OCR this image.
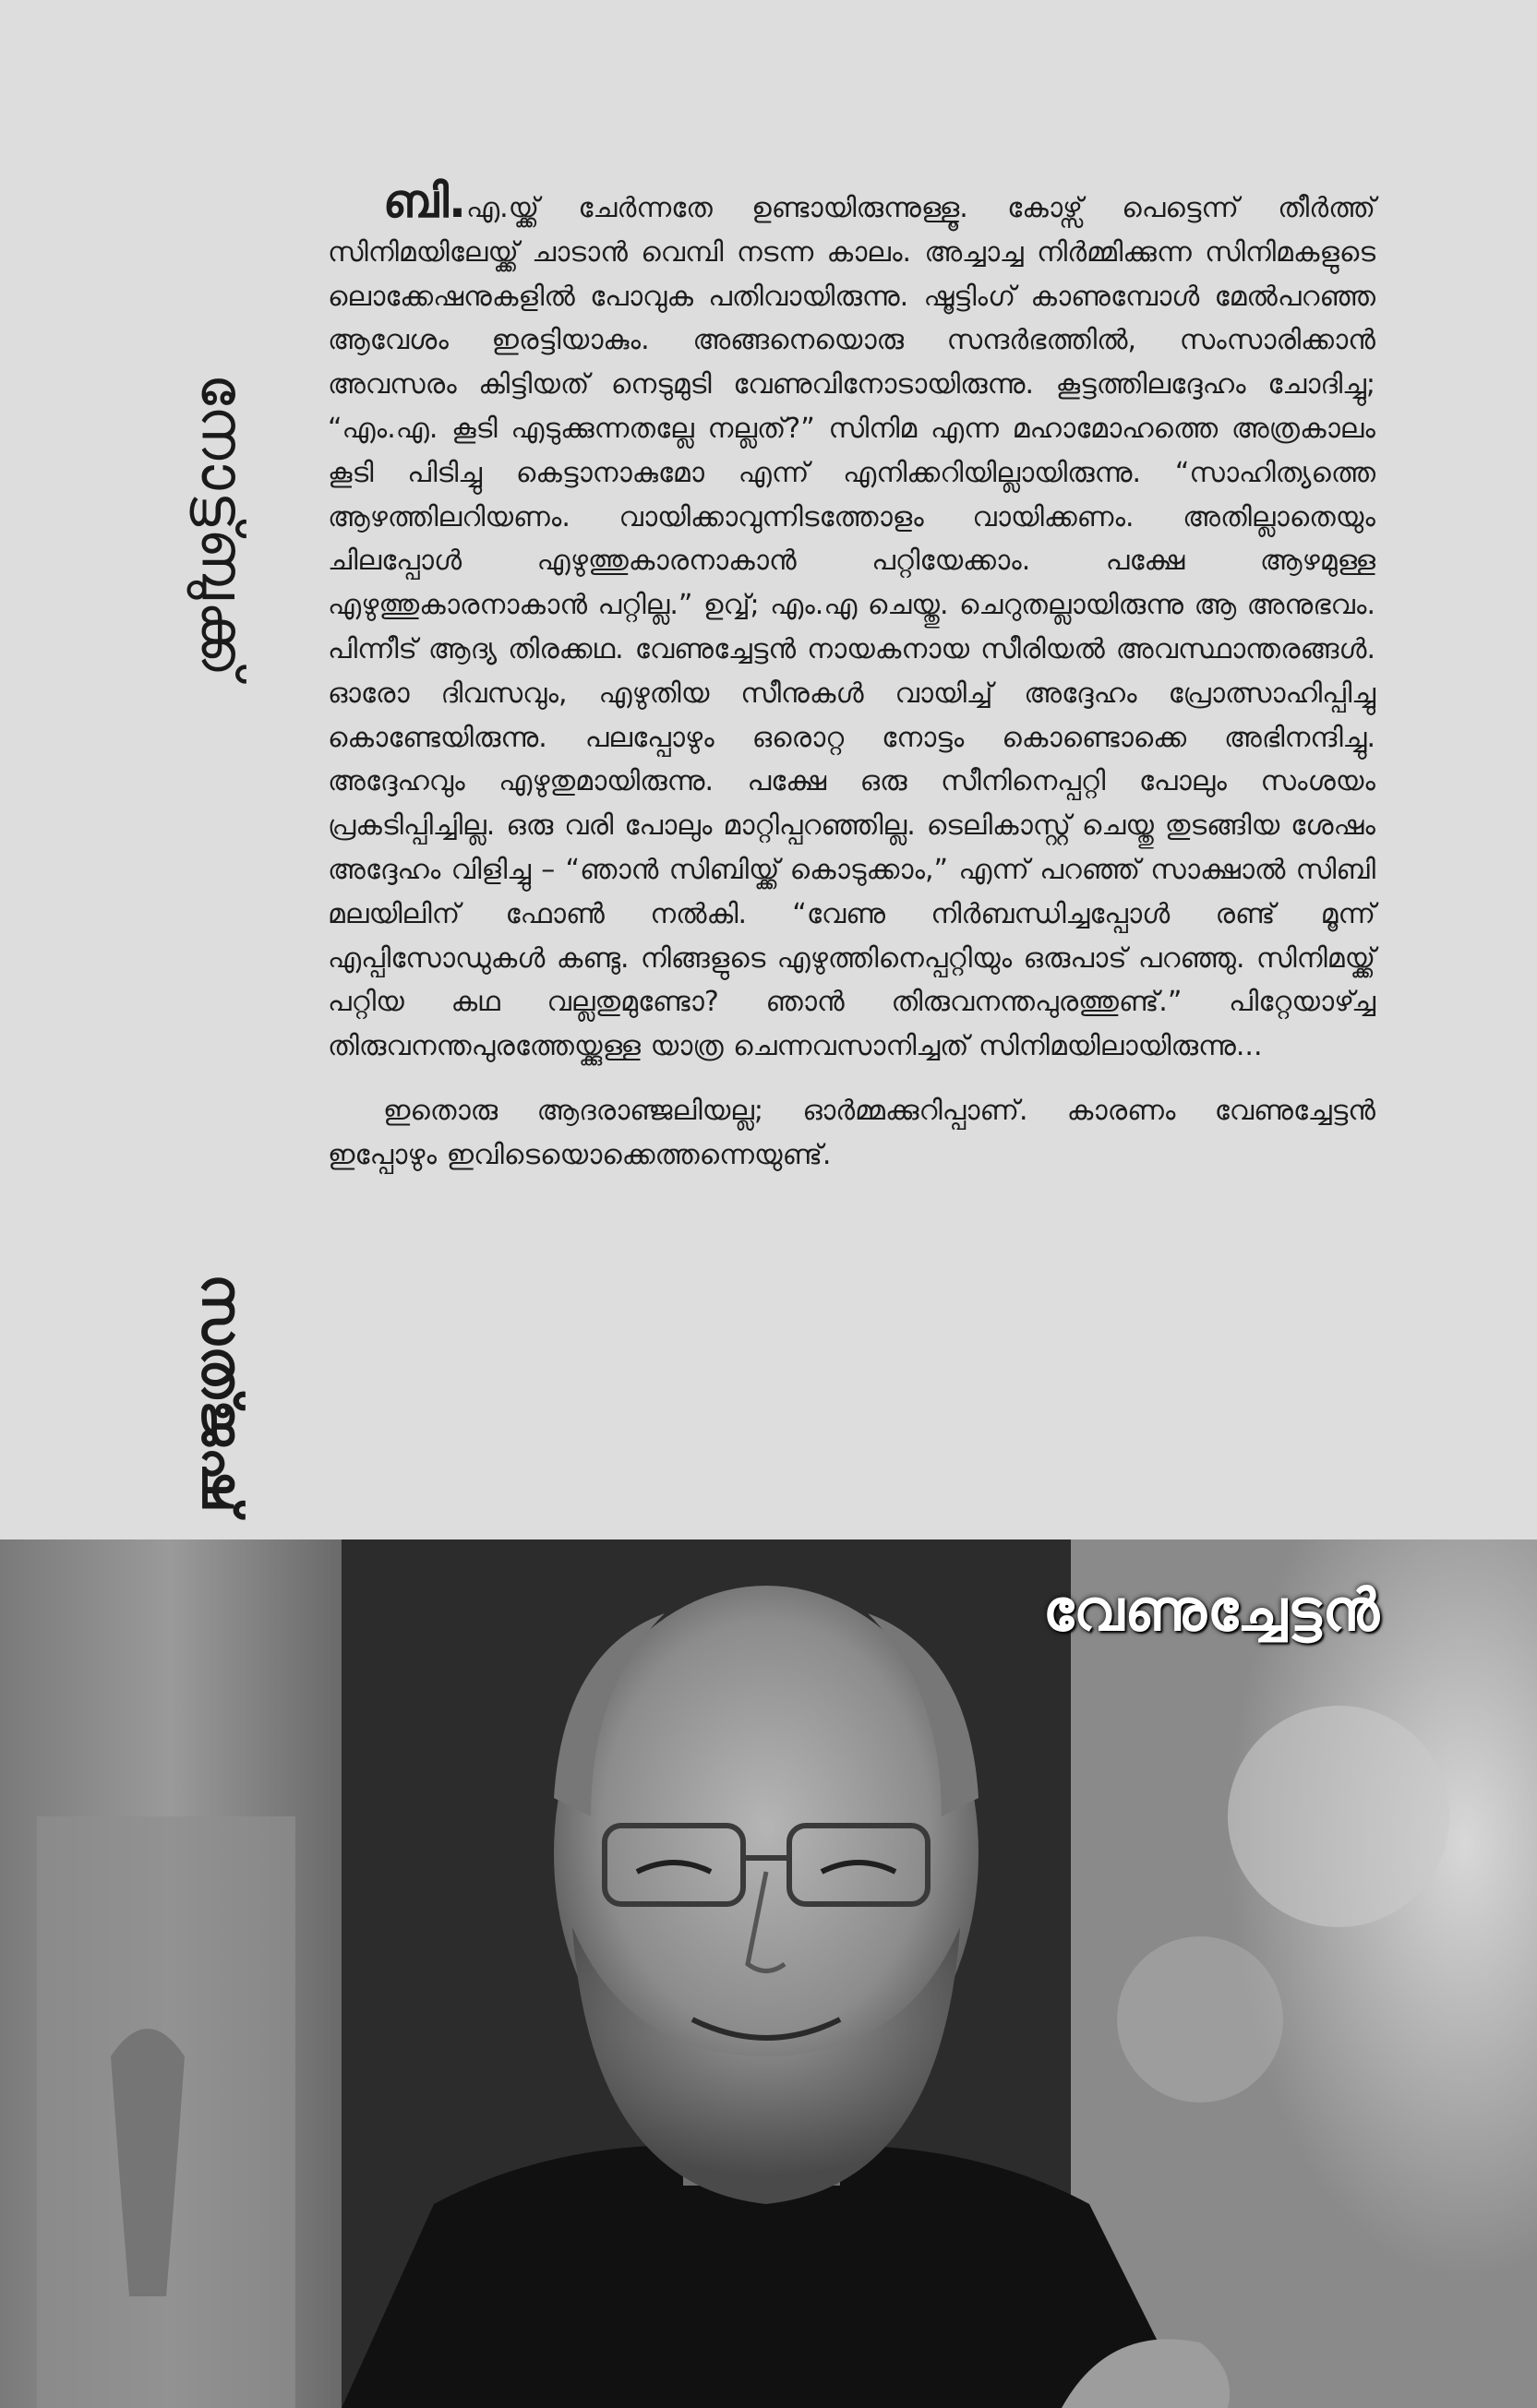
നോട്ട്ബുക്ക്
സത്ജഷ്

ബി.എ.യ്ക്ക് ചേർന്നതേ ഉണ്ടായിരുന്നുള്ളൂ. കോഴ്സ് പെട്ടെന്ന് തീർത്ത് സിനിമയിലേയ്ക്ക് ചാടാൻ വെമ്പി നടന്ന കാലം. അച്ചാച്ച നിർമ്മിക്കുന്ന സിനിമകളുടെ ലൊക്കേഷനുകളിൽ പോവുക പതിവായിരുന്നു. ഷൂട്ടിംഗ് കാണുമ്പോൾ മേൽപറഞ്ഞ ആവേശം ഇരട്ടിയാകും. അങ്ങനെയൊരു സന്ദർഭത്തിൽ, സംസാരിക്കാൻ അവസരം കിട്ടിയത് നെടുമുടി വേണുവിനോടായിരുന്നു. കൂട്ടത്തിലദ്ദേഹം ചോദിച്ചു; “എം.എ. കൂടി എടുക്കുന്നതല്ലേ നല്ലത്?” സിനിമ എന്ന മഹാമോഹത്തെ അത്രകാലം കൂടി പിടിച്ചു കെട്ടാനാകുമോ എന്ന് എനിക്കറിയില്ലായിരുന്നു. “സാഹിത്യത്തെ ആഴത്തിലറിയണം. വായിക്കാവുന്നിടത്തോളം വായിക്കണം. അതില്ലാതെയും ചിലപ്പോൾ എഴുത്തുകാരനാകാൻ പറ്റിയേക്കാം. പക്ഷേ ആഴമുള്ള എഴുത്തുകാരനാകാൻ പറ്റില്ല.” ഉവ്വ്; എം.എ ചെയ്തു. ചെറുതല്ലായിരുന്നു ആ അനുഭവം. പിന്നീട് ആദ്യ തിരക്കഥ. വേണുച്ചേട്ടൻ നായകനായ സീരിയൽ അവസ്ഥാന്തരങ്ങൾ. ഓരോ ദിവസവും, എഴുതിയ സീനുകൾ വായിച്ച് അദ്ദേഹം പ്രോത്സാഹിപ്പിച്ചു കൊണ്ടേയിരുന്നു. പലപ്പോഴും ഒരൊറ്റ നോട്ടം കൊണ്ടൊക്കെ അഭിനന്ദിച്ചു. അദ്ദേഹവും എഴുതുമായിരുന്നു. പക്ഷേ ഒരു സീനിനെപ്പറ്റി പോലും സംശയം പ്രകടിപ്പിച്ചില്ല. ഒരു വരി പോലും മാറ്റിപ്പറഞ്ഞില്ല. ടെലികാസ്റ്റ് ചെയ്തു തുടങ്ങിയ ശേഷം അദ്ദേഹം വിളിച്ചു – “ഞാൻ സിബിയ്ക്ക് കൊടുക്കാം,” എന്ന് പറഞ്ഞ് സാക്ഷാൽ സിബി മലയിലിന് ഫോൺ നൽകി. “വേണു നിർബന്ധിച്ചപ്പോൾ രണ്ട് മൂന്ന് എപ്പിസോഡുകൾ കണ്ടു. നിങ്ങളുടെ എഴുത്തിനെപ്പറ്റിയും ഒരുപാട് പറഞ്ഞു. സിനിമയ്ക്ക് പറ്റിയ കഥ വല്ലതുമുണ്ടോ? ഞാൻ തിരുവനന്തപുരത്തുണ്ട്.” പിറ്റേയാഴ്ച്ച തിരുവനന്തപുരത്തേയ്ക്കുള്ള യാത്ര ചെന്നവസാനിച്ചത് സിനിമയിലായിരുന്നു...

ഇതൊരു ആദരാഞ്ജലിയല്ല; ഓർമ്മക്കുറിപ്പാണ്. കാരണം വേണുച്ചേട്ടൻ ഇപ്പോഴും ഇവിടെയൊക്കെത്തന്നെയുണ്ട്.

വേണുച്ചേട്ടൻ
